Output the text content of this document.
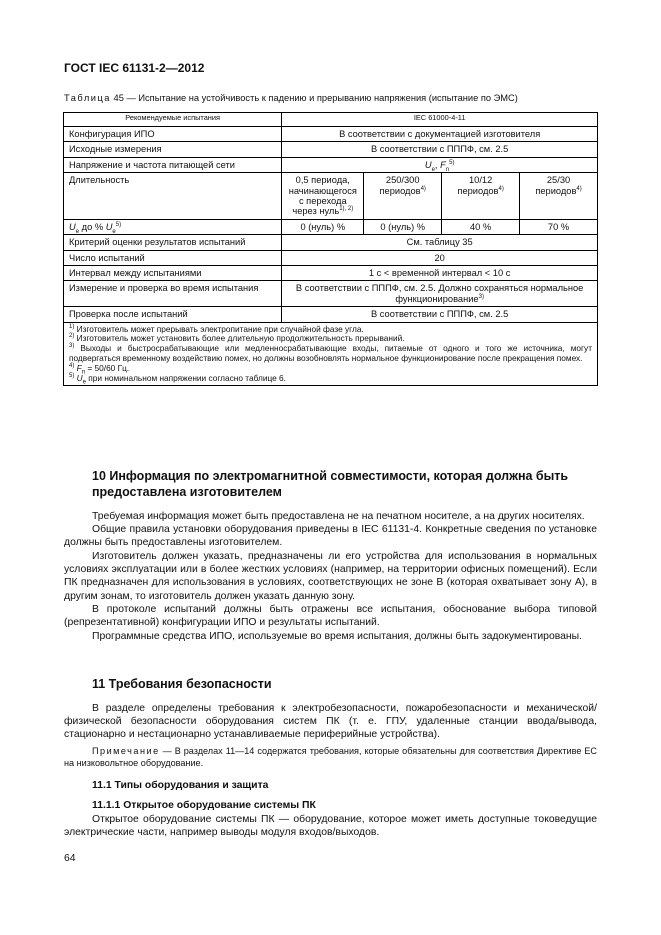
ГОСТ IEC 61131-2—2012
Таблица 45 — Испытание на устойчивость к падению и прерыванию напряжения (испытание по ЭМС)
Рекомендуемые испытания	IEC 61000-4-11			
Конфигурация ИПО	В соответствии с документацией изготовителя			
Исходные измерения	В соответствии с ПППФ, см. 2.5			
Напряжение и частота питающей сети	$U_e$, $F_n^{5)}$
Длительность	0,5 периода, начинающегося с перехода через нуль$^{1), 2)}$	250/300 периодов$^{4)}$	10/12 периодов$^{4)}$	25/30 периодов$^{4)}$
$U_e$ до % $U_e^{5)}$	0 (нуль) %	0 (нуль) %	40 %	70 %
Критерий оценки результатов испытаний	См. таблицу 35			
Число испытаний	20			
Интервал между испытаниями	1 с < временной интервал < 10 с			
Измерение и проверка во время испытания	В соответствии с ПППФ, см. 2.5. Должно сохраняться нормальное функционирование$^{3)}$
Проверка после испытаний	В соответствии с ПППФ, см. 2.5			

$^{1)}$ Изготовитель может прерывать электропитание при случайной фазе угла.
$^{2)}$ Изготовитель может установить более длительную продолжительность прерываний.
$^{3)}$ Выходы и быстросрабатывающие или медленносрабатывающие входы, питаемые от одного и того же источника, могут подвергаться временному воздействию помех, но должны возобновлять нормальное функционирование после прекращения помех.
$^{4)}$ $F_n = 50/60$ Гц.
$^{5)}$ $U_e$ при номинальном напряжении согласно таблице 6.				
10 Информация по электромагнитной совместимости, которая должна быть предоставлена изготовителем
Требуемая информация может быть предоставлена не на печатном носителе, а на других носителях.
Общие правила установки оборудования приведены в IEC 61131-4. Конкретные сведения по установке должны быть предоставлены изготовителем.
Изготовитель должен указать, предназначены ли его устройства для использования в нормальных условиях эксплуатации или в более жестких условиях (например, на территории офисных помещений). Если ПК предназначен для использования в условиях, соответствующих не зоне B (которая охватывает зону A), в другим зонам, то изготовитель должен указать данную зону.
В протоколе испытаний должны быть отражены все испытания, обоснование выбора типовой (репрезентативной) конфигурации ИПО и результаты испытаний.
Программные средства ИПО, используемые во время испытания, должны быть задокументированы.
11 Требования безопасности
В разделе определены требования к электробезопасности, пожаробезопасности и механической/физической безопасности оборудования систем ПК (т. е. ГПУ, удаленные станции ввода/вывода, стационарно и нестационарно устанавливаемые периферийные устройства).
Примечание — В разделах 11—14 содержатся требования, которые обязательны для соответствия Директиве ЕС на низковольтное оборудование.
11.1 Типы оборудования и защита
11.1.1 Открытое оборудование системы ПК
Открытое оборудование системы ПК — оборудование, которое может иметь доступные токоведущие электрические части, например выводы модуля входов/выходов.
64
